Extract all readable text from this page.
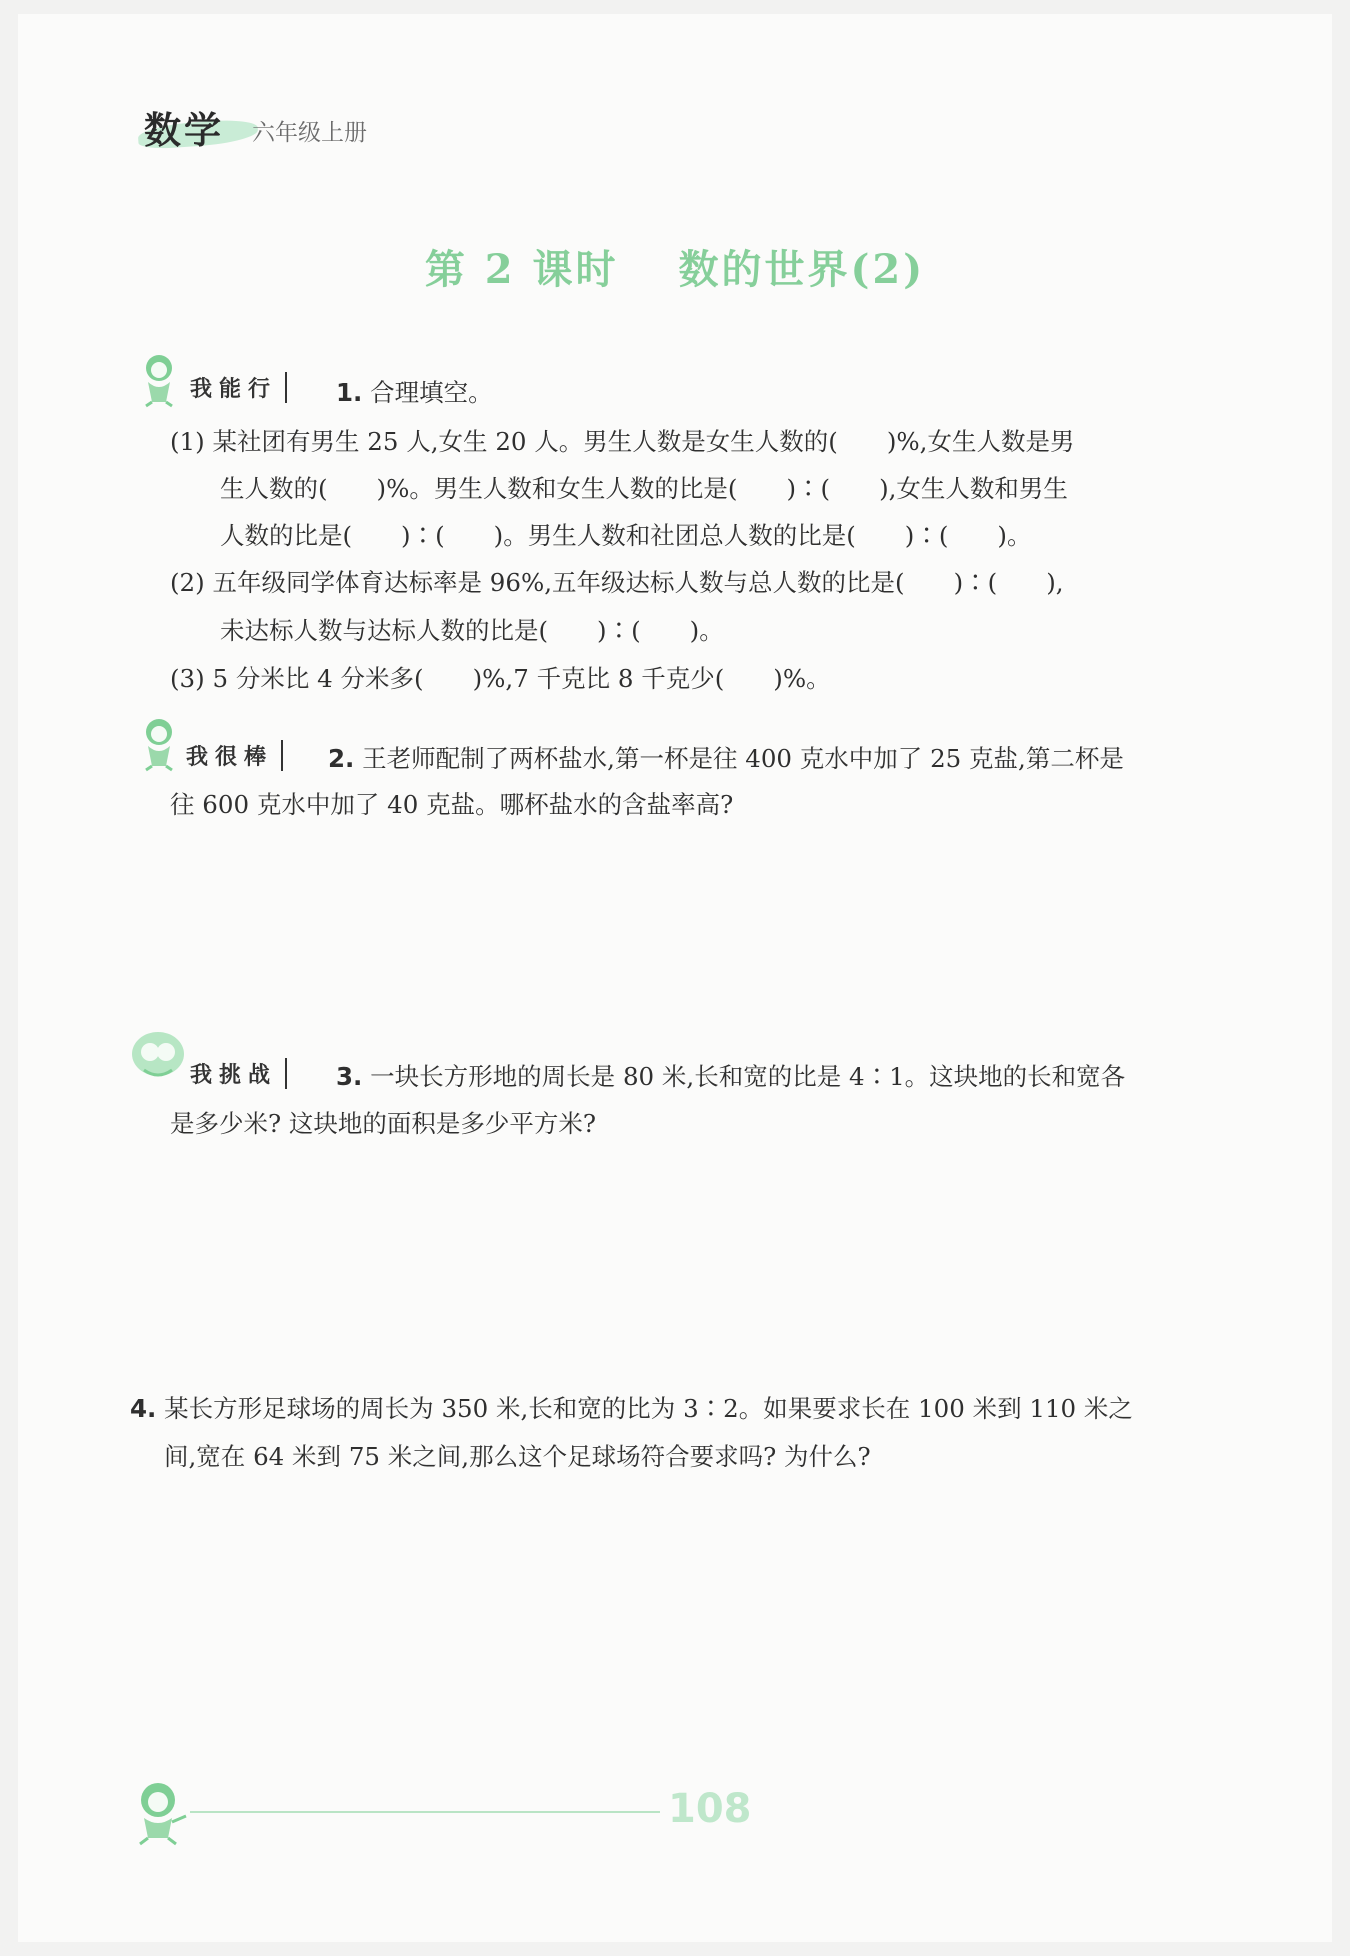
数学 六年级上册
第 2 课时　 数的世界(2)
我能行	1. 合理填空。
(1) 某社团有男生 25 人,女生 20 人。男生人数是女生人数的(　　)%,女生人数是男
生人数的(　　)%。男生人数和女生人数的比是(　　)∶(　　),女生人数和男生
人数的比是(　　)∶(　　)。男生人数和社团总人数的比是(　　)∶(　　)。
(2) 五年级同学体育达标率是 96%,五年级达标人数与总人数的比是(　　)∶(　　),
未达标人数与达标人数的比是(　　)∶(　　)。
(3) 5 分米比 4 分米多(　　)%,7 千克比 8 千克少(　　)%。
我很棒	2. 王老师配制了两杯盐水,第一杯是往 400 克水中加了 25 克盐,第二杯是
往 600 克水中加了 40 克盐。哪杯盐水的含盐率高?
我挑战	3. 一块长方形地的周长是 80 米,长和宽的比是 4∶1。这块地的长和宽各
是多少米? 这块地的面积是多少平方米?
4. 某长方形足球场的周长为 350 米,长和宽的比为 3∶2。如果要求长在 100 米到 110 米之
间,宽在 64 米到 75 米之间,那么这个足球场符合要求吗? 为什么?
108
